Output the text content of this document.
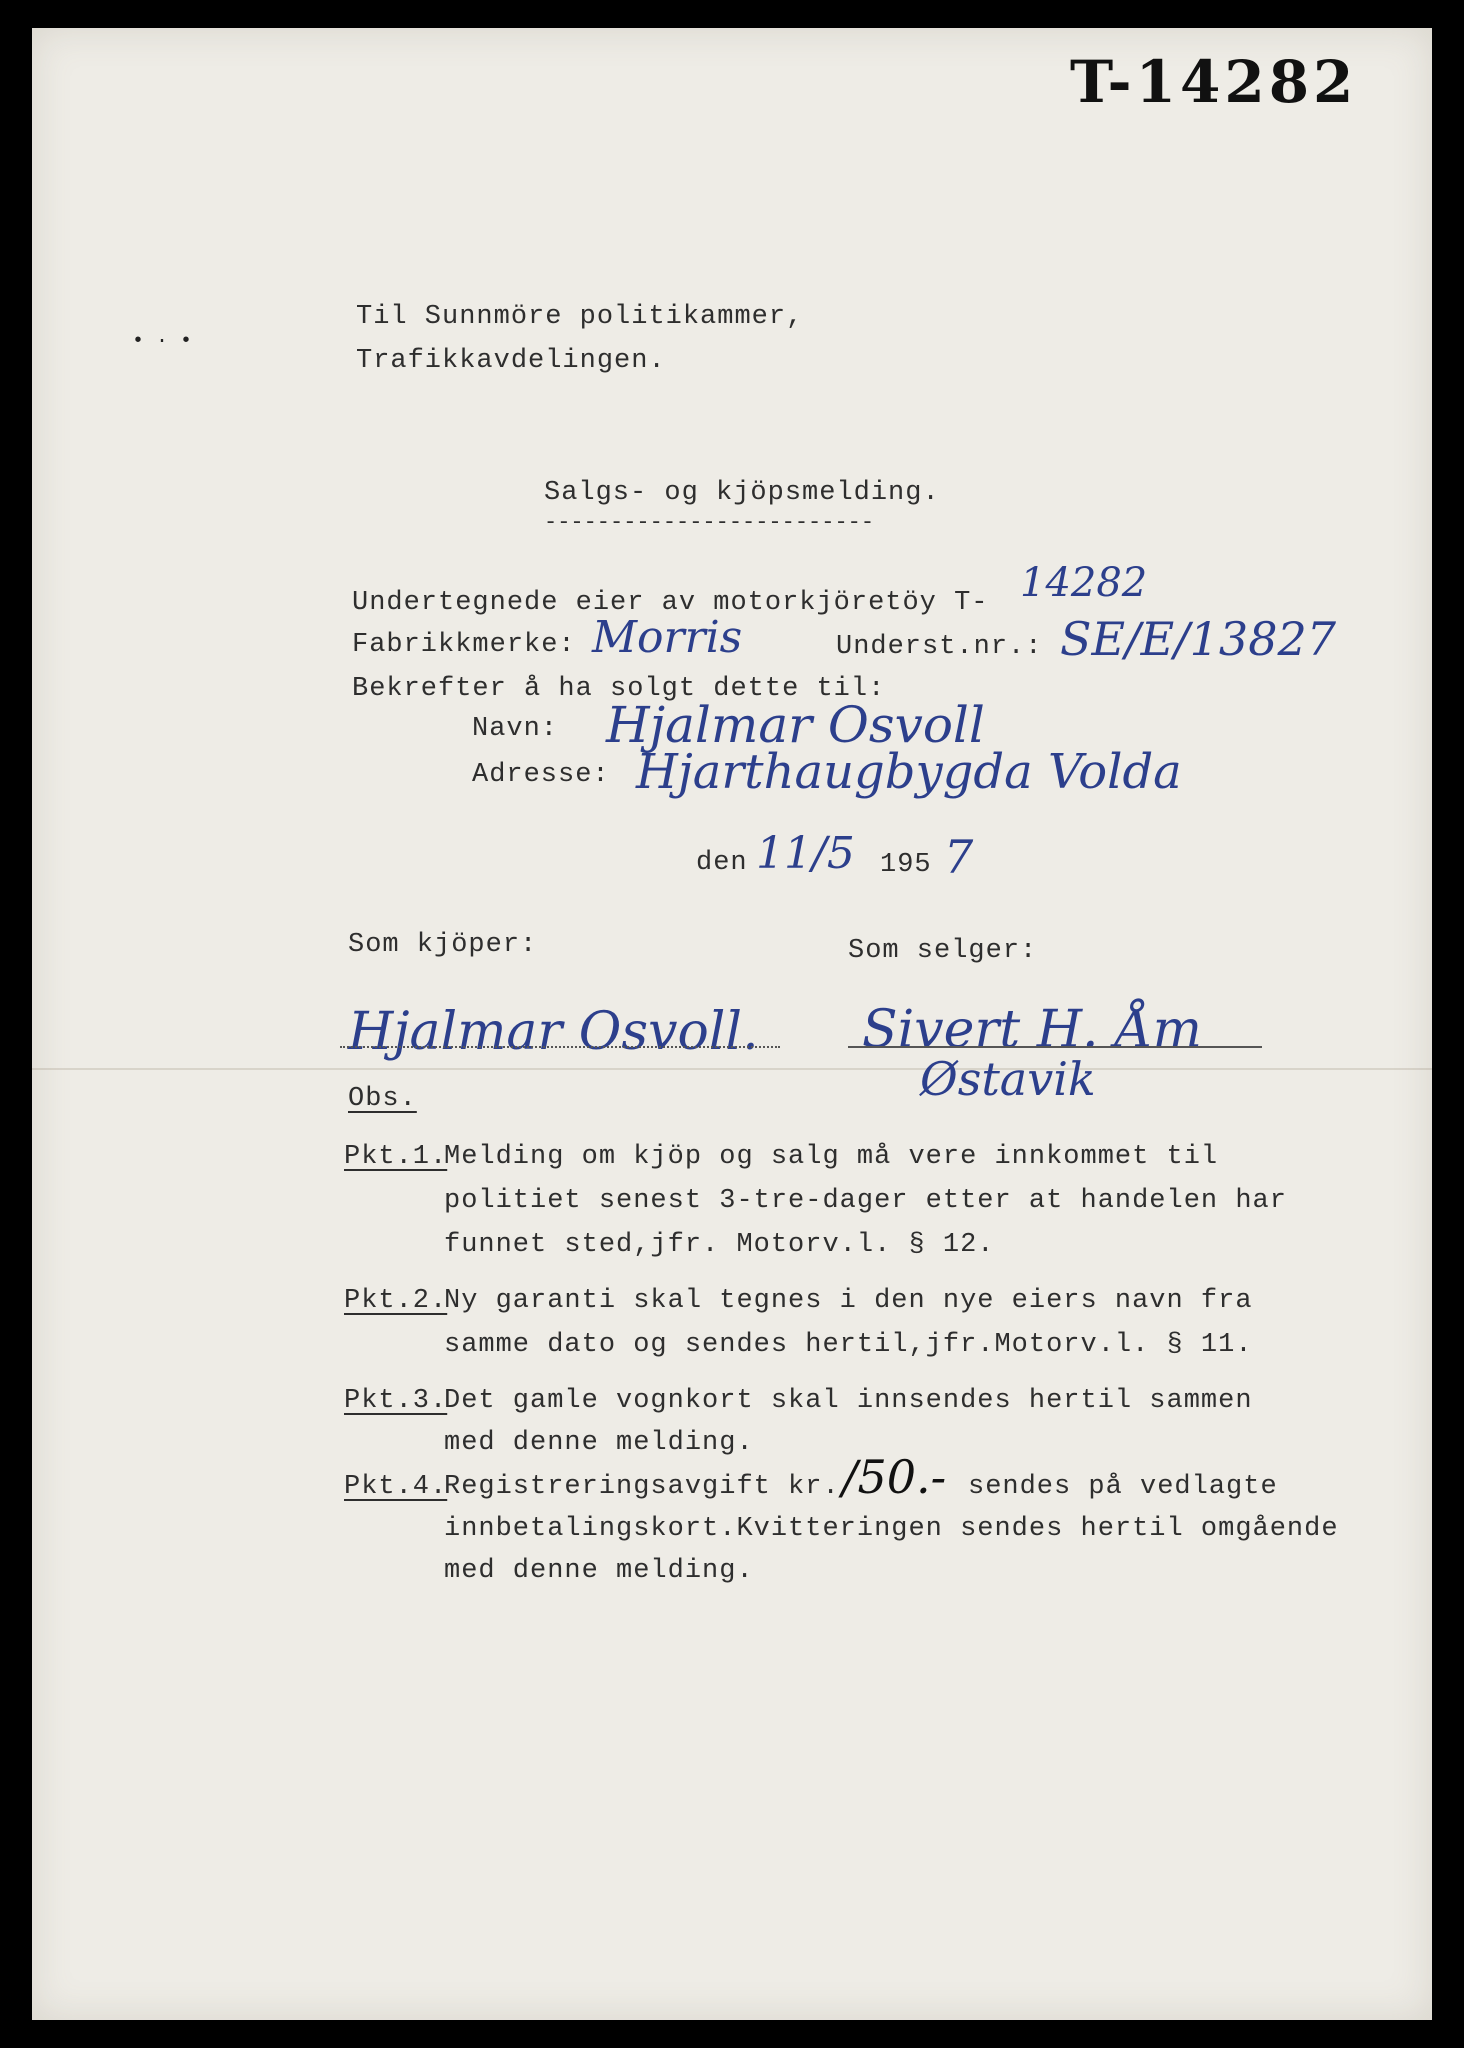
T-14282
• · •
Til Sunnmöre politikammer,
Trafikkavdelingen.
Salgs- og kjöpsmelding.
-------------------------
Undertegnede eier av motorkjöretöy T- 14282
Fabrikkmerke: Morris	Underst.nr.: SE/E/13827
Bekrefter å ha solgt dette til:
Navn: Hjalmar Osvoll
Adresse: Hjarthaugbygda Volda
den 11/5 195 7
Som kjöper:	Som selger:
Hjalmar Osvoll. Sivert H. Åm
Østavik
Obs.
Pkt.1.
Melding om kjöp og salg må vere innkommet til
politiet senest 3-tre-dager etter at handelen har
funnet sted,jfr. Motorv.l. § 12.
Pkt.2.
Ny garanti skal tegnes i den nye eiers navn fra
samme dato og sendes hertil,jfr.Motorv.l. § 11.
Pkt.3.
Det gamle vognkort skal innsendes hertil sammen
med denne melding.
Pkt.4.
Registreringsavgift kr. /50.- sendes på vedlagte
innbetalingskort.Kvitteringen sendes hertil omgående
med denne melding.
